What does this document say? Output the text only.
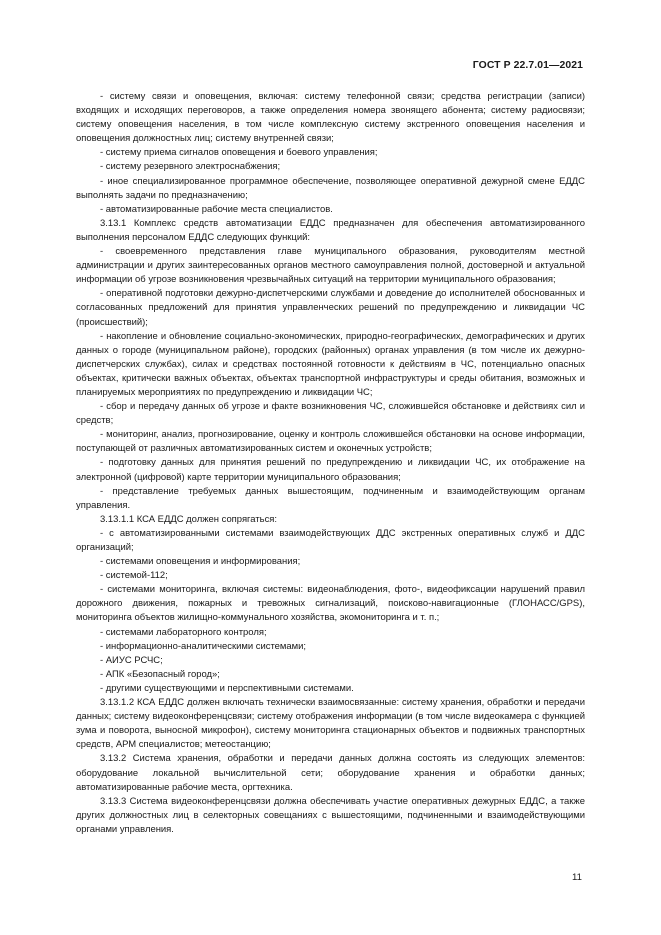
ГОСТ Р 22.7.01—2021

- систему связи и оповещения, включая: систему телефонной связи; средства регистрации (записи) входящих и исходящих переговоров, а также определения номера звонящего абонента; систему радиосвязи; систему оповещения населения, в том числе комплексную систему экстренного оповещения населения и оповещения должностных лиц; систему внутренней связи;

- систему приема сигналов оповещения и боевого управления;

- систему резервного электроснабжения;

- иное специализированное программное обеспечение, позволяющее оперативной дежурной смене ЕДДС выполнять задачи по предназначению;

- автоматизированные рабочие места специалистов.

3.13.1 Комплекс средств автоматизации ЕДДС предназначен для обеспечения автоматизированного выполнения персоналом ЕДДС следующих функций:

- своевременного представления главе муниципального образования, руководителям местной администрации и других заинтересованных органов местного самоуправления полной, достоверной и актуальной информации об угрозе возникновения чрезвычайных ситуаций на территории муниципального образования;

- оперативной подготовки дежурно-диспетчерскими службами и доведение до исполнителей обоснованных и согласованных предложений для принятия управленческих решений по предупреждению и ликвидации ЧС (происшествий);

- накопление и обновление социально-экономических, природно-географических, демографических и других данных о городе (муниципальном районе), городских (районных) органах управления (в том числе их дежурно-диспетчерских службах), силах и средствах постоянной готовности к действиям в ЧС, потенциально опасных объектах, критически важных объектах, объектах транспортной инфраструктуры и среды обитания, возможных и планируемых мероприятиях по предупреждению и ликвидации ЧС;

- сбор и передачу данных об угрозе и факте возникновения ЧС, сложившейся обстановке и действиях сил и средств;

- мониторинг, анализ, прогнозирование, оценку и контроль сложившейся обстановки на основе информации, поступающей от различных автоматизированных систем и оконечных устройств;

- подготовку данных для принятия решений по предупреждению и ликвидации ЧС, их отображение на электронной (цифровой) карте территории муниципального образования;

- представление требуемых данных вышестоящим, подчиненным и взаимодействующим органам управления.

3.13.1.1 КСА ЕДДС должен сопрягаться:

- с автоматизированными системами взаимодействующих ДДС экстренных оперативных служб и ДДС организаций;

- системами оповещения и информирования;

- системой-112;

- системами мониторинга, включая системы: видеонаблюдения, фото-, видеофиксации нарушений правил дорожного движения, пожарных и тревожных сигнализаций, поисково-навигационные (ГЛОНАСС/GPS), мониторинга объектов жилищно-коммунального хозяйства, экомониторинга и т. п.;

- системами лабораторного контроля;

- информационно-аналитическими системами;

- АИУС РСЧС;

- АПК «Безопасный город»;

- другими существующими и перспективными системами.

3.13.1.2 КСА ЕДДС должен включать технически взаимосвязанные: систему хранения, обработки и передачи данных; систему видеоконференцсвязи; систему отображения информации (в том числе видеокамера с функцией зума и поворота, выносной микрофон), систему мониторинга стационарных объектов и подвижных транспортных средств, АРМ специалистов; метеостанцию;

3.13.2 Система хранения, обработки и передачи данных должна состоять из следующих элементов: оборудование локальной вычислительной сети; оборудование хранения и обработки данных; автоматизированные рабочие места, оргтехника.

3.13.3 Система видеоконференцсвязи должна обеспечивать участие оперативных дежурных ЕДДС, а также других должностных лиц в селекторных совещаниях с вышестоящими, подчиненными и взаимодействующими органами управления.

11
